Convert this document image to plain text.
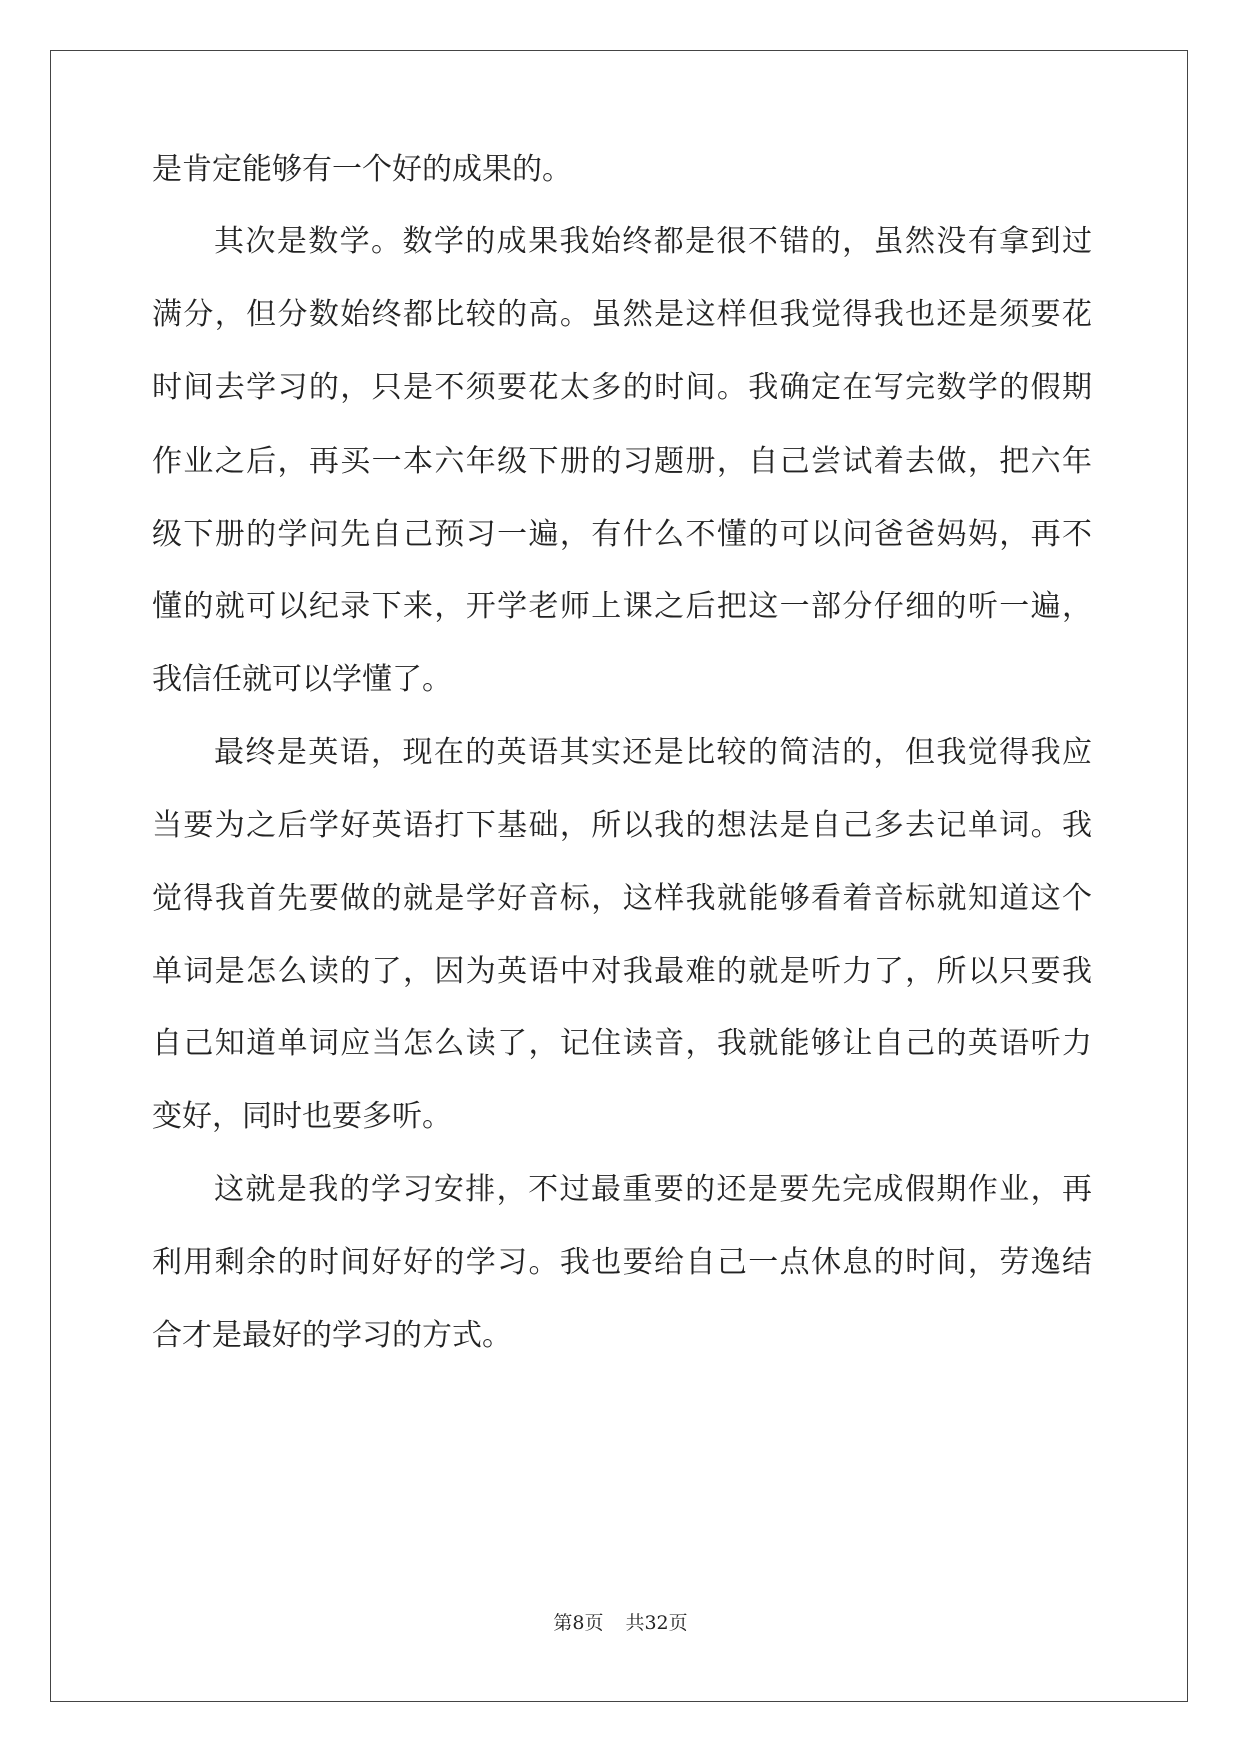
是肯定能够有一个好的成果的。
其次是数学。数学的成果我始终都是很不错的，虽然没有拿到过
满分，但分数始终都比较的高。虽然是这样但我觉得我也还是须要花
时间去学习的，只是不须要花太多的时间。我确定在写完数学的假期
作业之后，再买一本六年级下册的习题册，自己尝试着去做，把六年
级下册的学问先自己预习一遍，有什么不懂的可以问爸爸妈妈，再不
懂的就可以纪录下来，开学老师上课之后把这一部分仔细的听一遍，
我信任就可以学懂了。
最终是英语，现在的英语其实还是比较的简洁的，但我觉得我应
当要为之后学好英语打下基础，所以我的想法是自己多去记单词。我
觉得我首先要做的就是学好音标，这样我就能够看着音标就知道这个
单词是怎么读的了，因为英语中对我最难的就是听力了，所以只要我
自己知道单词应当怎么读了，记住读音，我就能够让自己的英语听力
变好，同时也要多听。
这就是我的学习安排，不过最重要的还是要先完成假期作业，再
利用剩余的时间好好的学习。我也要给自己一点休息的时间，劳逸结
合才是最好的学习的方式。
第8页 共32页
